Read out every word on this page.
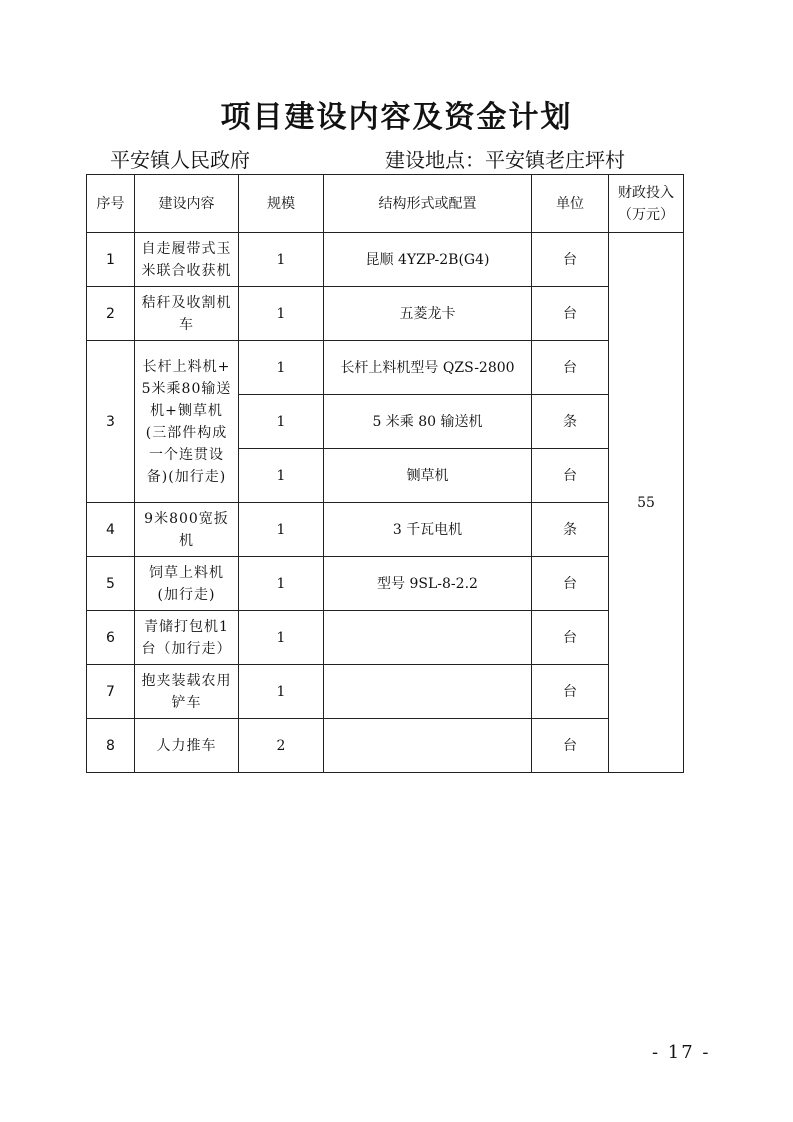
项目建设内容及资金计划
平安镇人民政府	建设地点：平安镇老庄坪村
序号	建设内容	规模	结构形式或配置	单位	财政投入（万元）
1	自走履带式玉米联合收获机	1	昆顺 4YZP-2B(G4)	台	55
2	秸秆及收割机车	1	五菱龙卡	台	
3	长杆上料机+5米乘80输送机+铡草机(三部件构成一个连贯设备)(加行走)	1	长杆上料机型号 QZS-2800	台	
		1	5 米乘 80 输送机	条	
		1	铡草机	台	
4	9米800宽扳机	1	3 千瓦电机	条	
5	饲草上料机(加行走)	1	型号 9SL-8-2.2	台	
6	青储打包机1台（加行走）	1		台	
7	抱夹装载农用铲车	1		台	
8	人力推车	2		台	
- 17 -
